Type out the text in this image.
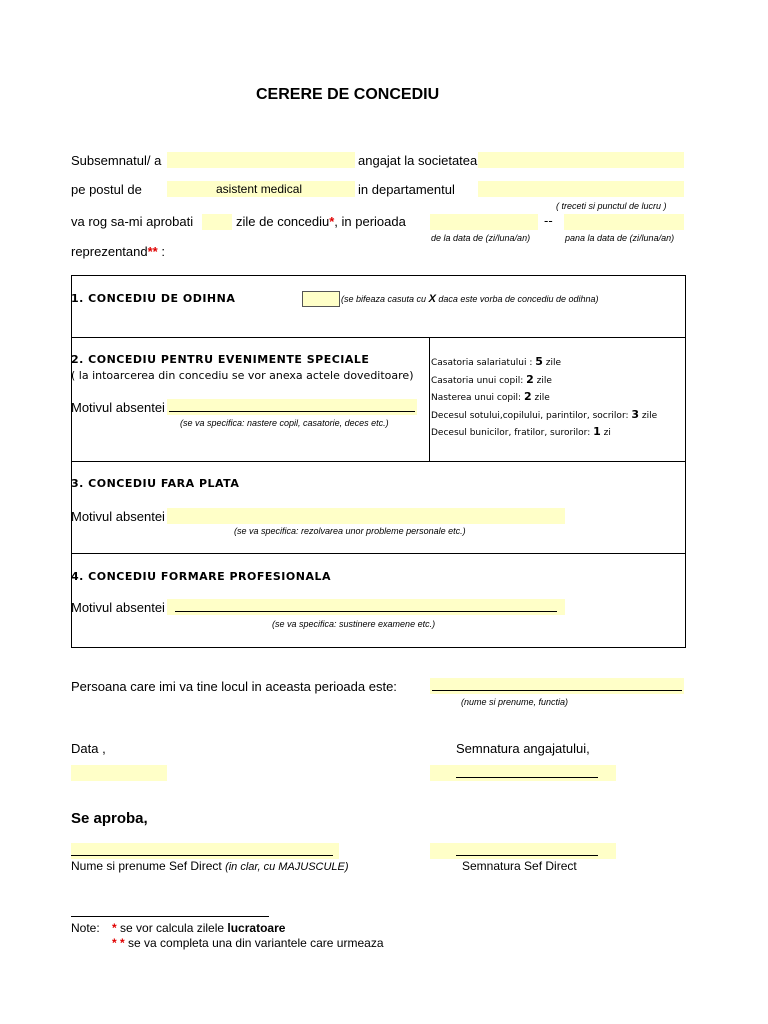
CERERE DE CONCEDIU
Subsemnatul/ a	angajat la societatea
pe postul de	asistent medical	in departamentul
( treceti si punctul de lucru )
va rog sa-mi aprobati	zile de concediu*, in perioada	--
de la data de (zi/luna/an)	pana la data de (zi/luna/an)
reprezentand** :
1. CONCEDIU DE ODIHNA	(se bifeaza casuta cu X daca este vorba de concediu de odihna)
2. CONCEDIU PENTRU EVENIMENTE SPECIALE
( la intoarcerea din concediu se vor anexa actele doveditoare)
Motivul absentei
(se va specifica: nastere copil, casatorie, deces etc.)
Casatoria salariatului : 5 zile
Casatoria unui copil: 2 zile
Nasterea unui copil: 2 zile
Decesul sotului,copilului, parintilor, socrilor: 3 zile
Decesul bunicilor, fratilor, surorilor: 1 zi
3. CONCEDIU FARA PLATA
Motivul absentei
(se va specifica: rezolvarea unor probleme personale etc.)
4. CONCEDIU FORMARE PROFESIONALA
Motivul absentei
(se va specifica: sustinere examene etc.)
Persoana care imi va tine locul in aceasta perioada este:
(nume si prenume, functia)
Data ,	Semnatura angajatului,
Se aproba,
Nume si prenume Sef Direct (in clar, cu MAJUSCULE)	Semnatura Sef Direct
Note: * se vor calcula zilele lucratoare
* * se va completa una din variantele care urmeaza
